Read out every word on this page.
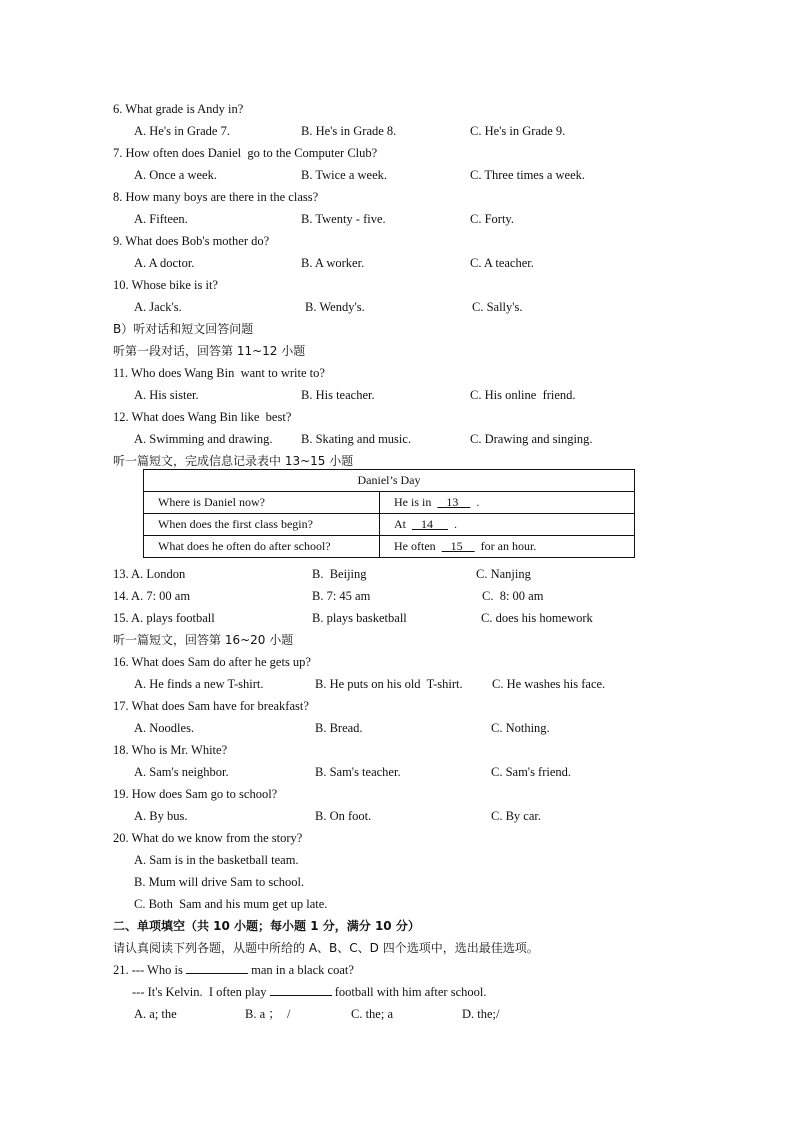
6. What grade is Andy in?
A. He's in Grade 7.	B. He's in Grade 8.	C. He's in Grade 9.
7. How often does Daniel  go to the Computer Club?
A. Once a week.	B. Twice a week.	C. Three times a week.
8. How many boys are there in the class?
A. Fifteen.	B. Twenty - five.	C. Forty.
9. What does Bob's mother do?
A. A doctor.	B. A worker.	C. A teacher.
10. Whose bike is it?
A. Jack's.	B. Wendy's.	C. Sally's.
B）听对话和短文回答问题
听第一段对话，回答第 11~12 小题
11. Who does Wang Bin  want to write to?
A. His sister.	B. His teacher.	C. His online  friend.
12. What does Wang Bin like  best?
A. Swimming and drawing. B. Skating and music.	C. Drawing and singing.
听一篇短文，完成信息记录表中 13~15 小题
Daniel’s Day	
Where is Daniel now?	He is in     13      .
When does the first class begin?	At     14       .
What does he often do after school?	He often     15      for an hour.
13. A. London	B.  Beijing	C. Nanjing
14. A. 7: 00 am	B. 7: 45 am	C.  8: 00 am
15. A. plays football	B. plays basketball	C. does his homework
听一篇短文，回答第 16~20 小题
16. What does Sam do after he gets up?
A. He finds a new T-shirt.	B. He puts on his old  T-shirt. C. He washes his face.
17. What does Sam have for breakfast?
A. Noodles.	B. Bread.	C. Nothing.
18. Who is Mr. White?
A. Sam's neighbor.	B. Sam's teacher.	C. Sam's friend.
19. How does Sam go to school?
A. By bus.	B. On foot.	C. By car.
20. What do we know from the story?
A. Sam is in the basketball team.
B. Mum will drive Sam to school.
C. Both  Sam and his mum get up late.
二、单项填空（共 10 小题；每小题 1 分，满分 10 分）
请认真阅读下列各题，从题中所给的 A、B、C、D 四个选项中，选出最佳选项。
21. --- Who is	man in a black coat?
--- It's Kelvin.  I often play	football with him after school.
A. a; the	B. a ；  /	C. the; a	D. the;/
